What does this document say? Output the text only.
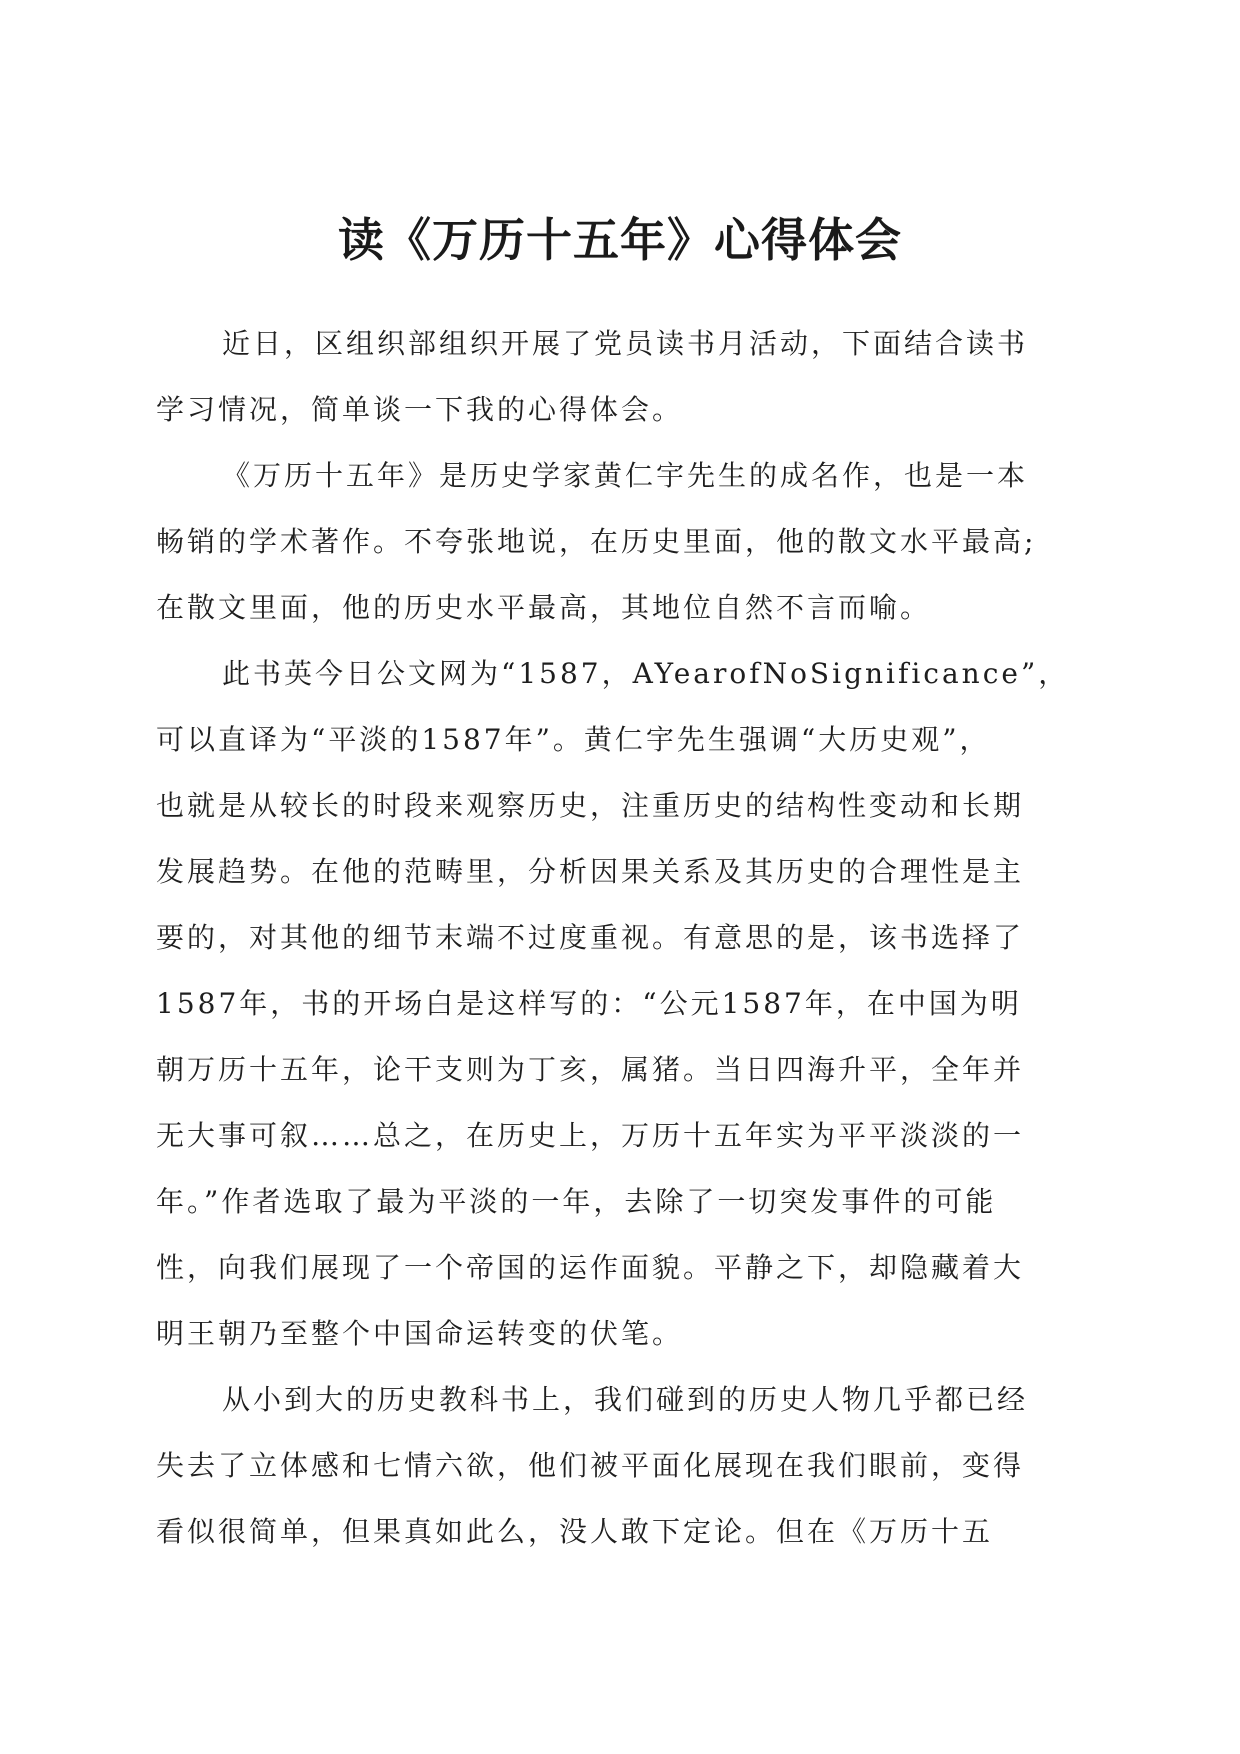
读《万历十五年》心得体会
近日，区组织部组织开展了党员读书月活动，下面结合读书
学习情况，简单谈一下我的心得体会。
《万历十五年》是历史学家黄仁宇先生的成名作，也是一本
畅销的学术著作。不夸张地说，在历史里面，他的散文水平最高;
在散文里面，他的历史水平最高，其地位自然不言而喻。
此书英今日公文网为“1587，AYearofNoSignificance”，
可以直译为“平淡的1587年”。黄仁宇先生强调“大历史观”，
也就是从较长的时段来观察历史，注重历史的结构性变动和长期
发展趋势。在他的范畴里，分析因果关系及其历史的合理性是主
要的，对其他的细节末端不过度重视。有意思的是，该书选择了
1587年，书的开场白是这样写的：“公元1587年，在中国为明
朝万历十五年，论干支则为丁亥，属猪。当日四海升平，全年并
无大事可叙……总之，在历史上，万历十五年实为平平淡淡的一
年。”作者选取了最为平淡的一年，去除了一切突发事件的可能
性，向我们展现了一个帝国的运作面貌。平静之下，却隐藏着大
明王朝乃至整个中国命运转变的伏笔。
从小到大的历史教科书上，我们碰到的历史人物几乎都已经
失去了立体感和七情六欲，他们被平面化展现在我们眼前，变得
看似很简单，但果真如此么，没人敢下定论。但在《万历十五
